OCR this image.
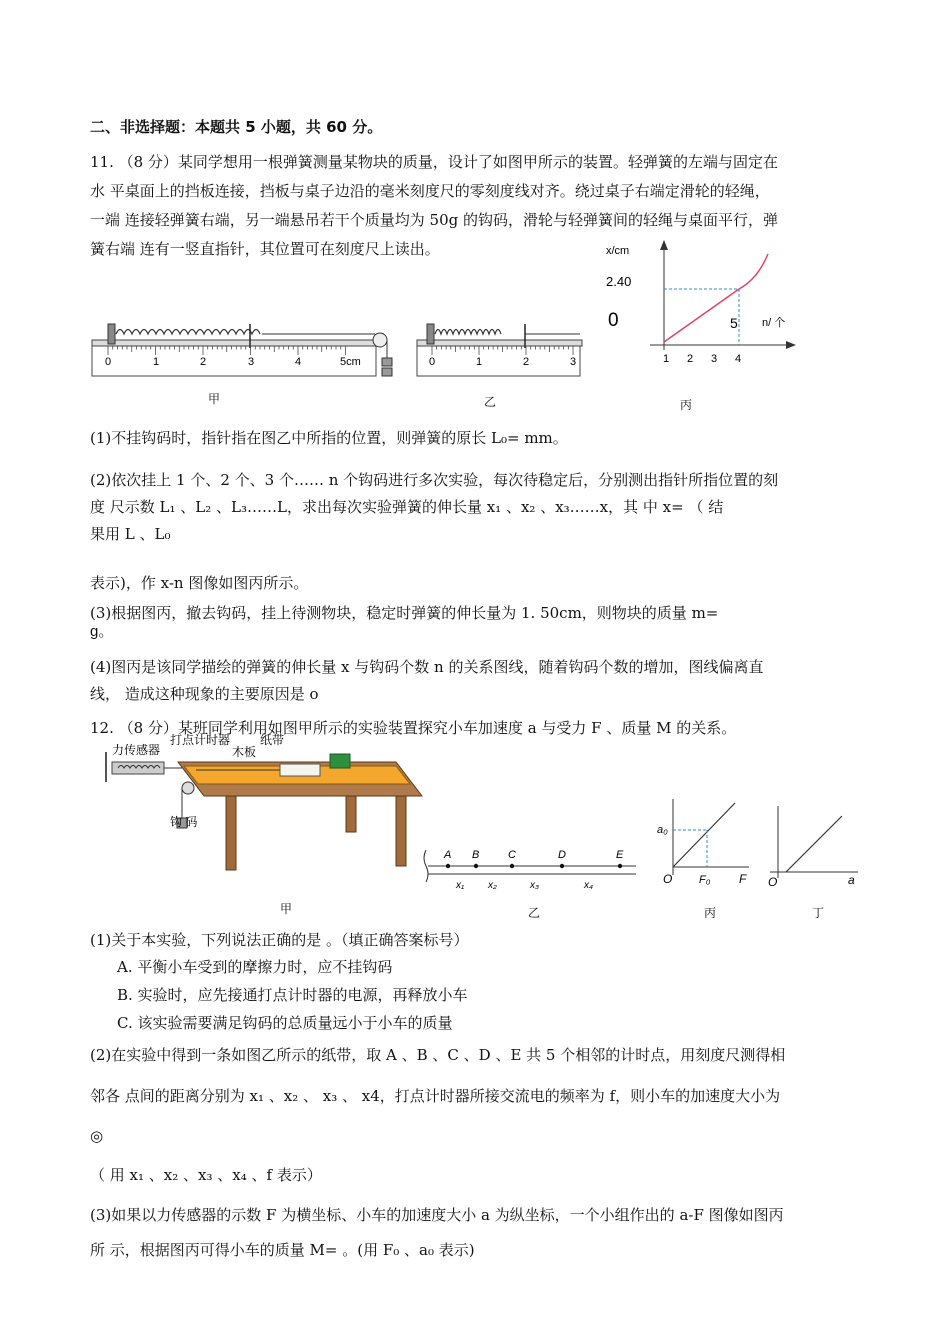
二、非选择题：本题共 5 小题，共 60 分。
11. （8 分）某同学想用一根弹簧测量某物块的质量，设计了如图甲所示的装置。轻弹簧的左端与固定在
水 平桌面上的挡板连接，挡板与桌子边沿的毫米刻度尺的零刻度线对齐。绕过桌子右端定滑轮的轻绳，
一端 连接轻弹簧右端，另一端悬吊若干个质量均为 50g 的钩码，滑轮与轻弹簧间的轻绳与桌面平行，弹
簧右端 连有一竖直指针，其位置可在刻度尺上读出。
0	1	2	3	4	5cm
甲
0	1	2	3
乙
x/cm
2.40
0	5 n/ 个
1 2 3 4
丙
(1)不挂钩码时，指针指在图乙中所指的位置，则弹簧的原长 L₀= mm。
(2)依次挂上 1 个、2 个、3 个…… n 个钩码进行多次实验，每次待稳定后，分别测出指针所指位置的刻
度 尺示数 L₁ 、L₂ 、L₃……L，求出每次实验弹簧的伸长量 x₁ 、x₂ 、x₃……x，其 中 x= （ 结
果用 L 、L₀
表示)，作 x-n 图像如图丙所示。
(3)根据图丙，撤去钩码，挂上待测物块，稳定时弹簧的伸长量为 1. 50cm，则物块的质量 m=
g。
(4)图丙是该同学描绘的弹簧的伸长量 x 与钩码个数 n 的关系图线，随着钩码个数的增加，图线偏离直
线， 造成这种现象的主要原因是 o
12. （8 分）某班同学利用如图甲所示的实验装置探究小车加速度 a 与受力 F 、质量 M 的关系。
力传感器
打点计时器 纸带
木板
钩 码
甲
A B	C	D	E
x₁ x₂	x₃	x₄
乙
a₀
O F₀ F
丙
O	a
丁
(1)关于本实验，下列说法正确的是 。（填正确答案标号）
A. 平衡小车受到的摩擦力时，应不挂钩码
B. 实验时，应先接通打点计时器的电源，再释放小车
C. 该实验需要满足钩码的总质量远小于小车的质量
(2)在实验中得到一条如图乙所示的纸带，取 A 、B 、C 、D 、E 共 5 个相邻的计时点，用刻度尺测得相
邻各 点间的距离分别为 x₁ 、x₂ 、 x₃ 、 x4，打点计时器所接交流电的频率为 f，则小车的加速度大小为
◎
（ 用 x₁ 、x₂ 、x₃ 、x₄ 、f 表示）
(3)如果以力传感器的示数 F 为横坐标、小车的加速度大小 a 为纵坐标，一个小组作出的 a-F 图像如图丙
所 示，根据图丙可得小车的质量 M= 。(用 F₀ 、a₀ 表示)
